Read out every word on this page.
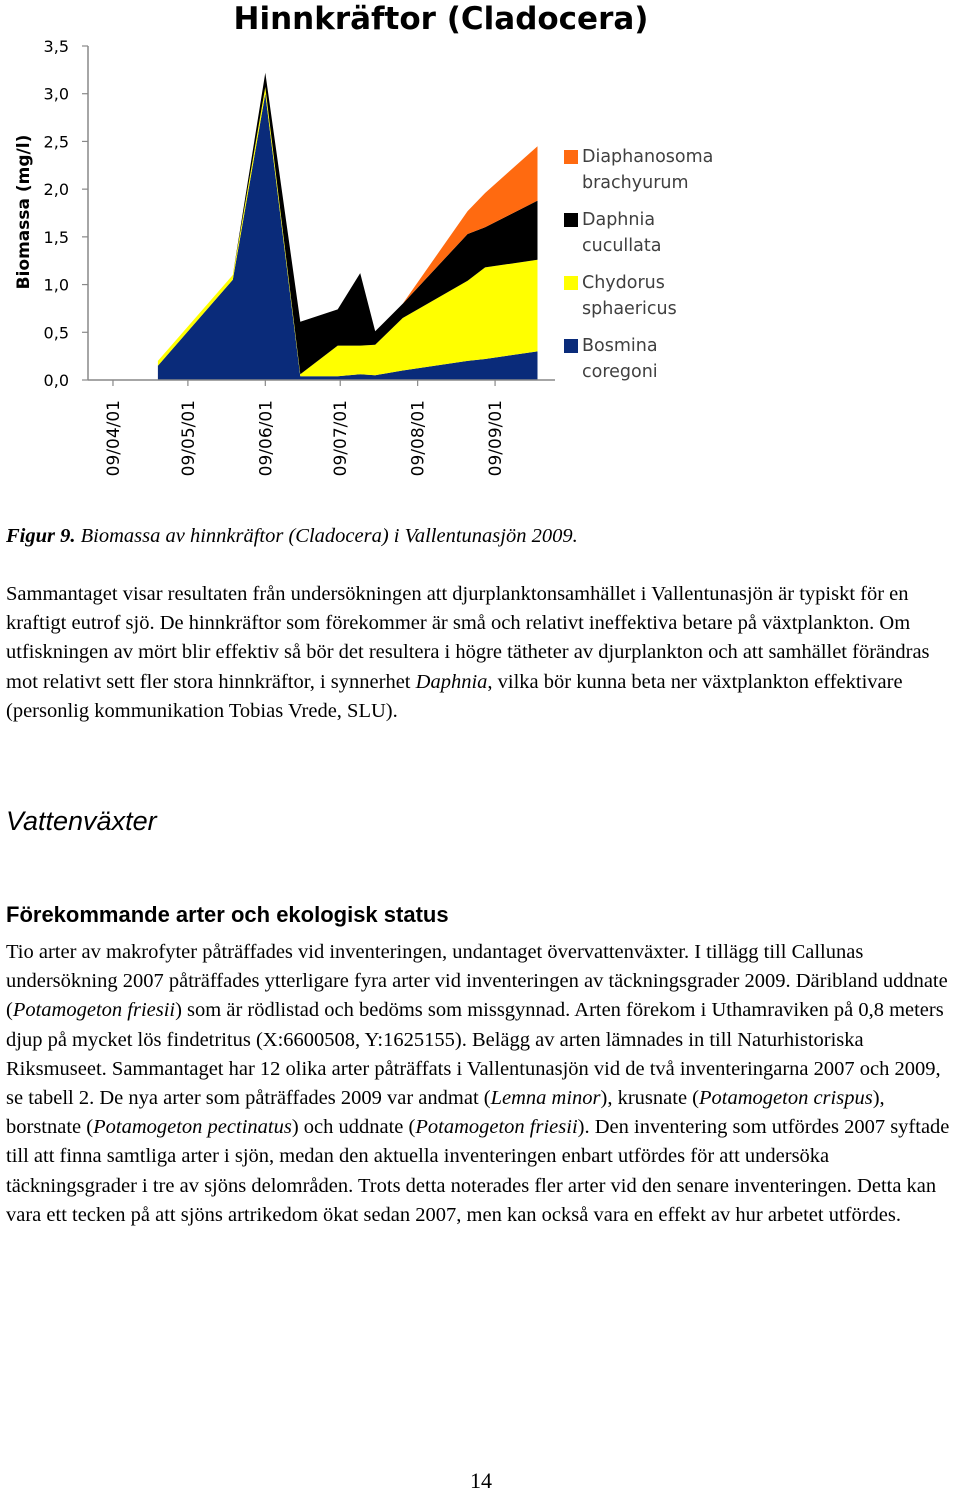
Hinnkräftor (Cladocera)
Biomassa (mg/l)
0,0
0,5
1,0
1,5
2,0
2,5
3,0
3,5
09/04/01	09/05/01	09/06/01	09/07/01	09/08/01	09/09/01
Diaphanosoma brachyurum
Daphnia cucullata
Chydorus sphaericus
Bosmina coregoni
Figur 9. Biomassa av hinnkräftor (Cladocera) i Vallentunasjön 2009.

Sammantaget visar resultaten från undersökningen att djurplanktonsamhället i Vallentunasjön är typiskt för en kraftigt eutrof sjö. De hinnkräftor som förekommer är små och relativt ineffektiva betare på växtplankton. Om utfiskningen av mört blir effektiv så bör det resultera i högre tätheter av djurplankton och att samhället förändras mot relativt sett fler stora hinnkräftor, i synnerhet Daphnia, vilka bör kunna beta ner växtplankton effektivare (personlig kommunikation Tobias Vrede, SLU).

Vattenväxter
Förekommande arter och ekologisk status

Tio arter av makrofyter påträffades vid inventeringen, undantaget övervattenväxter. I tillägg till Callunas undersökning 2007 påträffades ytterligare fyra arter vid inventeringen av täckningsgrader 2009. Däribland uddnate (Potamogeton friesii) som är rödlistad och bedöms som missgynnad. Arten förekom i Uthamraviken på 0,8 meters djup på mycket lös findetritus (X:6600508, Y:1625155). Belägg av arten lämnades in till Naturhistoriska Riksmuseet. Sammantaget har 12 olika arter påträffats i Vallentunasjön vid de två inventeringarna 2007 och 2009, se tabell 2. De nya arter som påträffades 2009 var andmat (Lemna minor), krusnate (Potamogeton crispus), borstnate (Potamogeton pectinatus) och uddnate (Potamogeton friesii). Den inventering som utfördes 2007 syftade till att finna samtliga arter i sjön, medan den aktuella inventeringen enbart utfördes för att undersöka täckningsgrader i tre av sjöns delområden. Trots detta noterades fler arter vid den senare inventeringen. Detta kan vara ett tecken på att sjöns artrikedom ökat sedan 2007, men kan också vara en effekt av hur arbetet utfördes.

14
